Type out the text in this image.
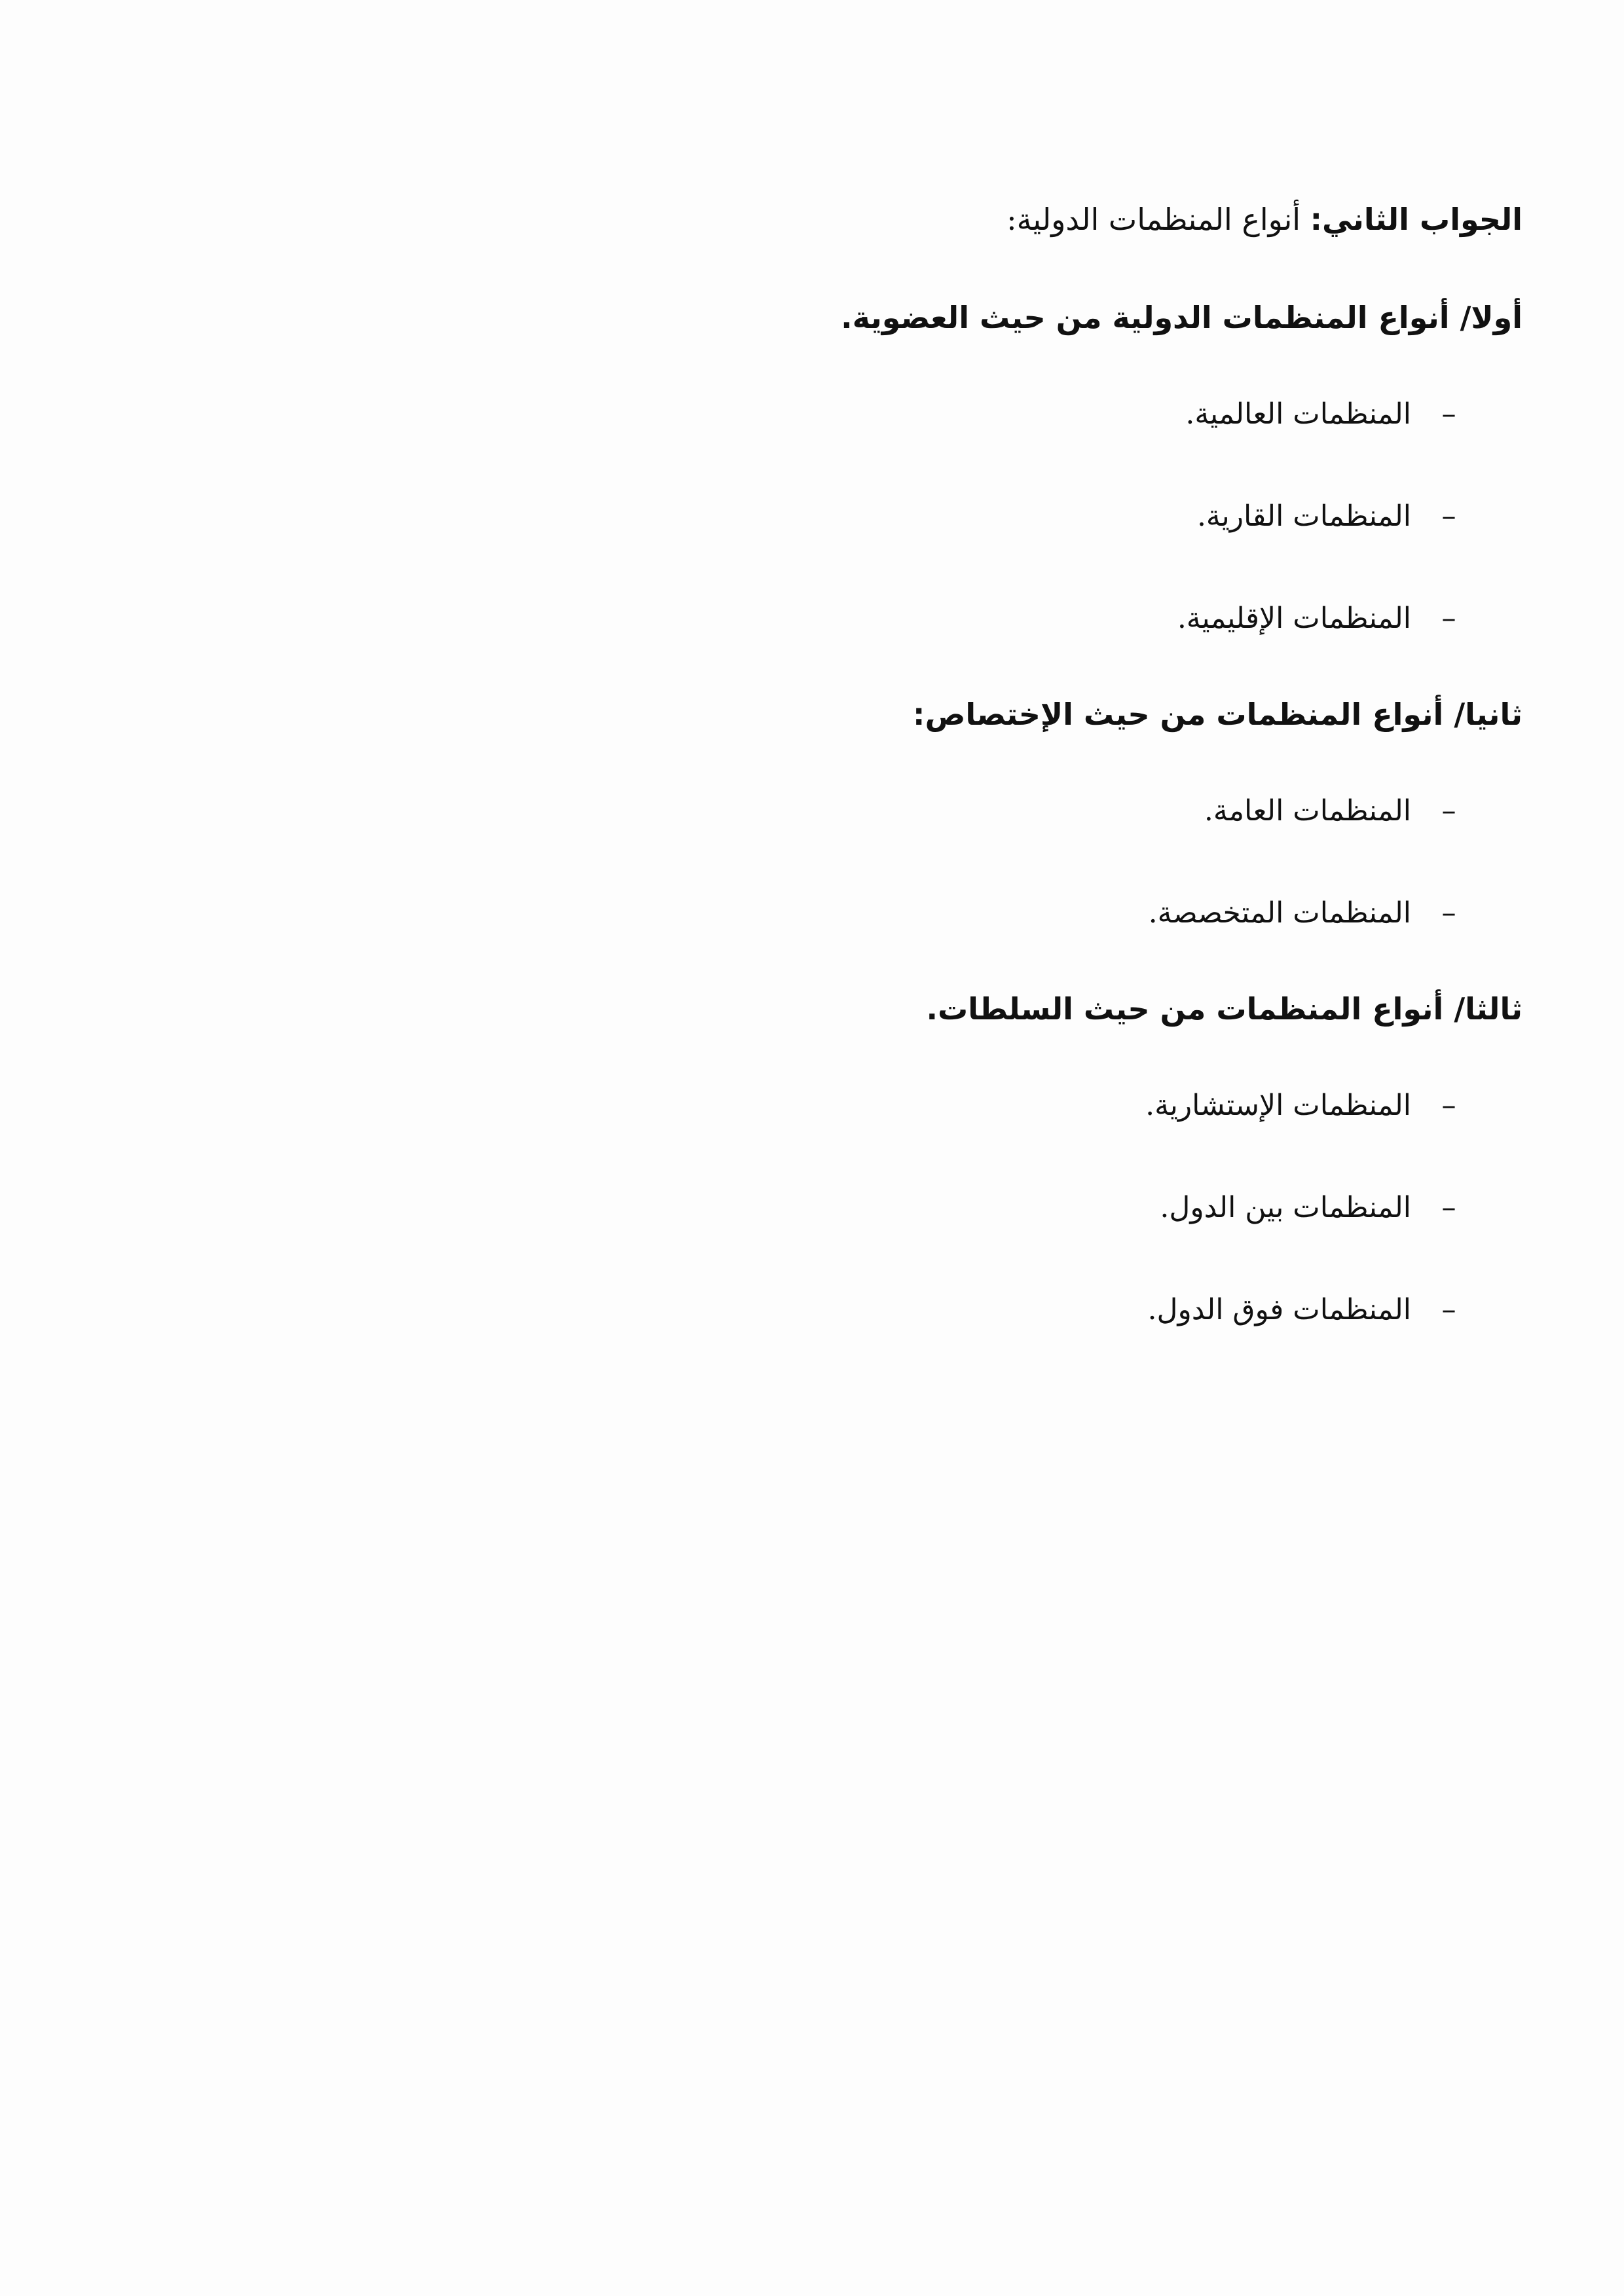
الجواب الثاني: أنواع المنظمات الدولية:

أولا/ أنواع المنظمات الدولية من حيث العضوية.

–المنظمات العالمية.
–المنظمات القارية.
–المنظمات الإقليمية.

ثانيا/ أنواع المنظمات من حيث الإختصاص:

–المنظمات العامة.
–المنظمات المتخصصة.

ثالثا/ أنواع المنظمات من حيث السلطات.

–المنظمات الإستشارية.
–المنظمات بين الدول.
–المنظمات فوق الدول.
